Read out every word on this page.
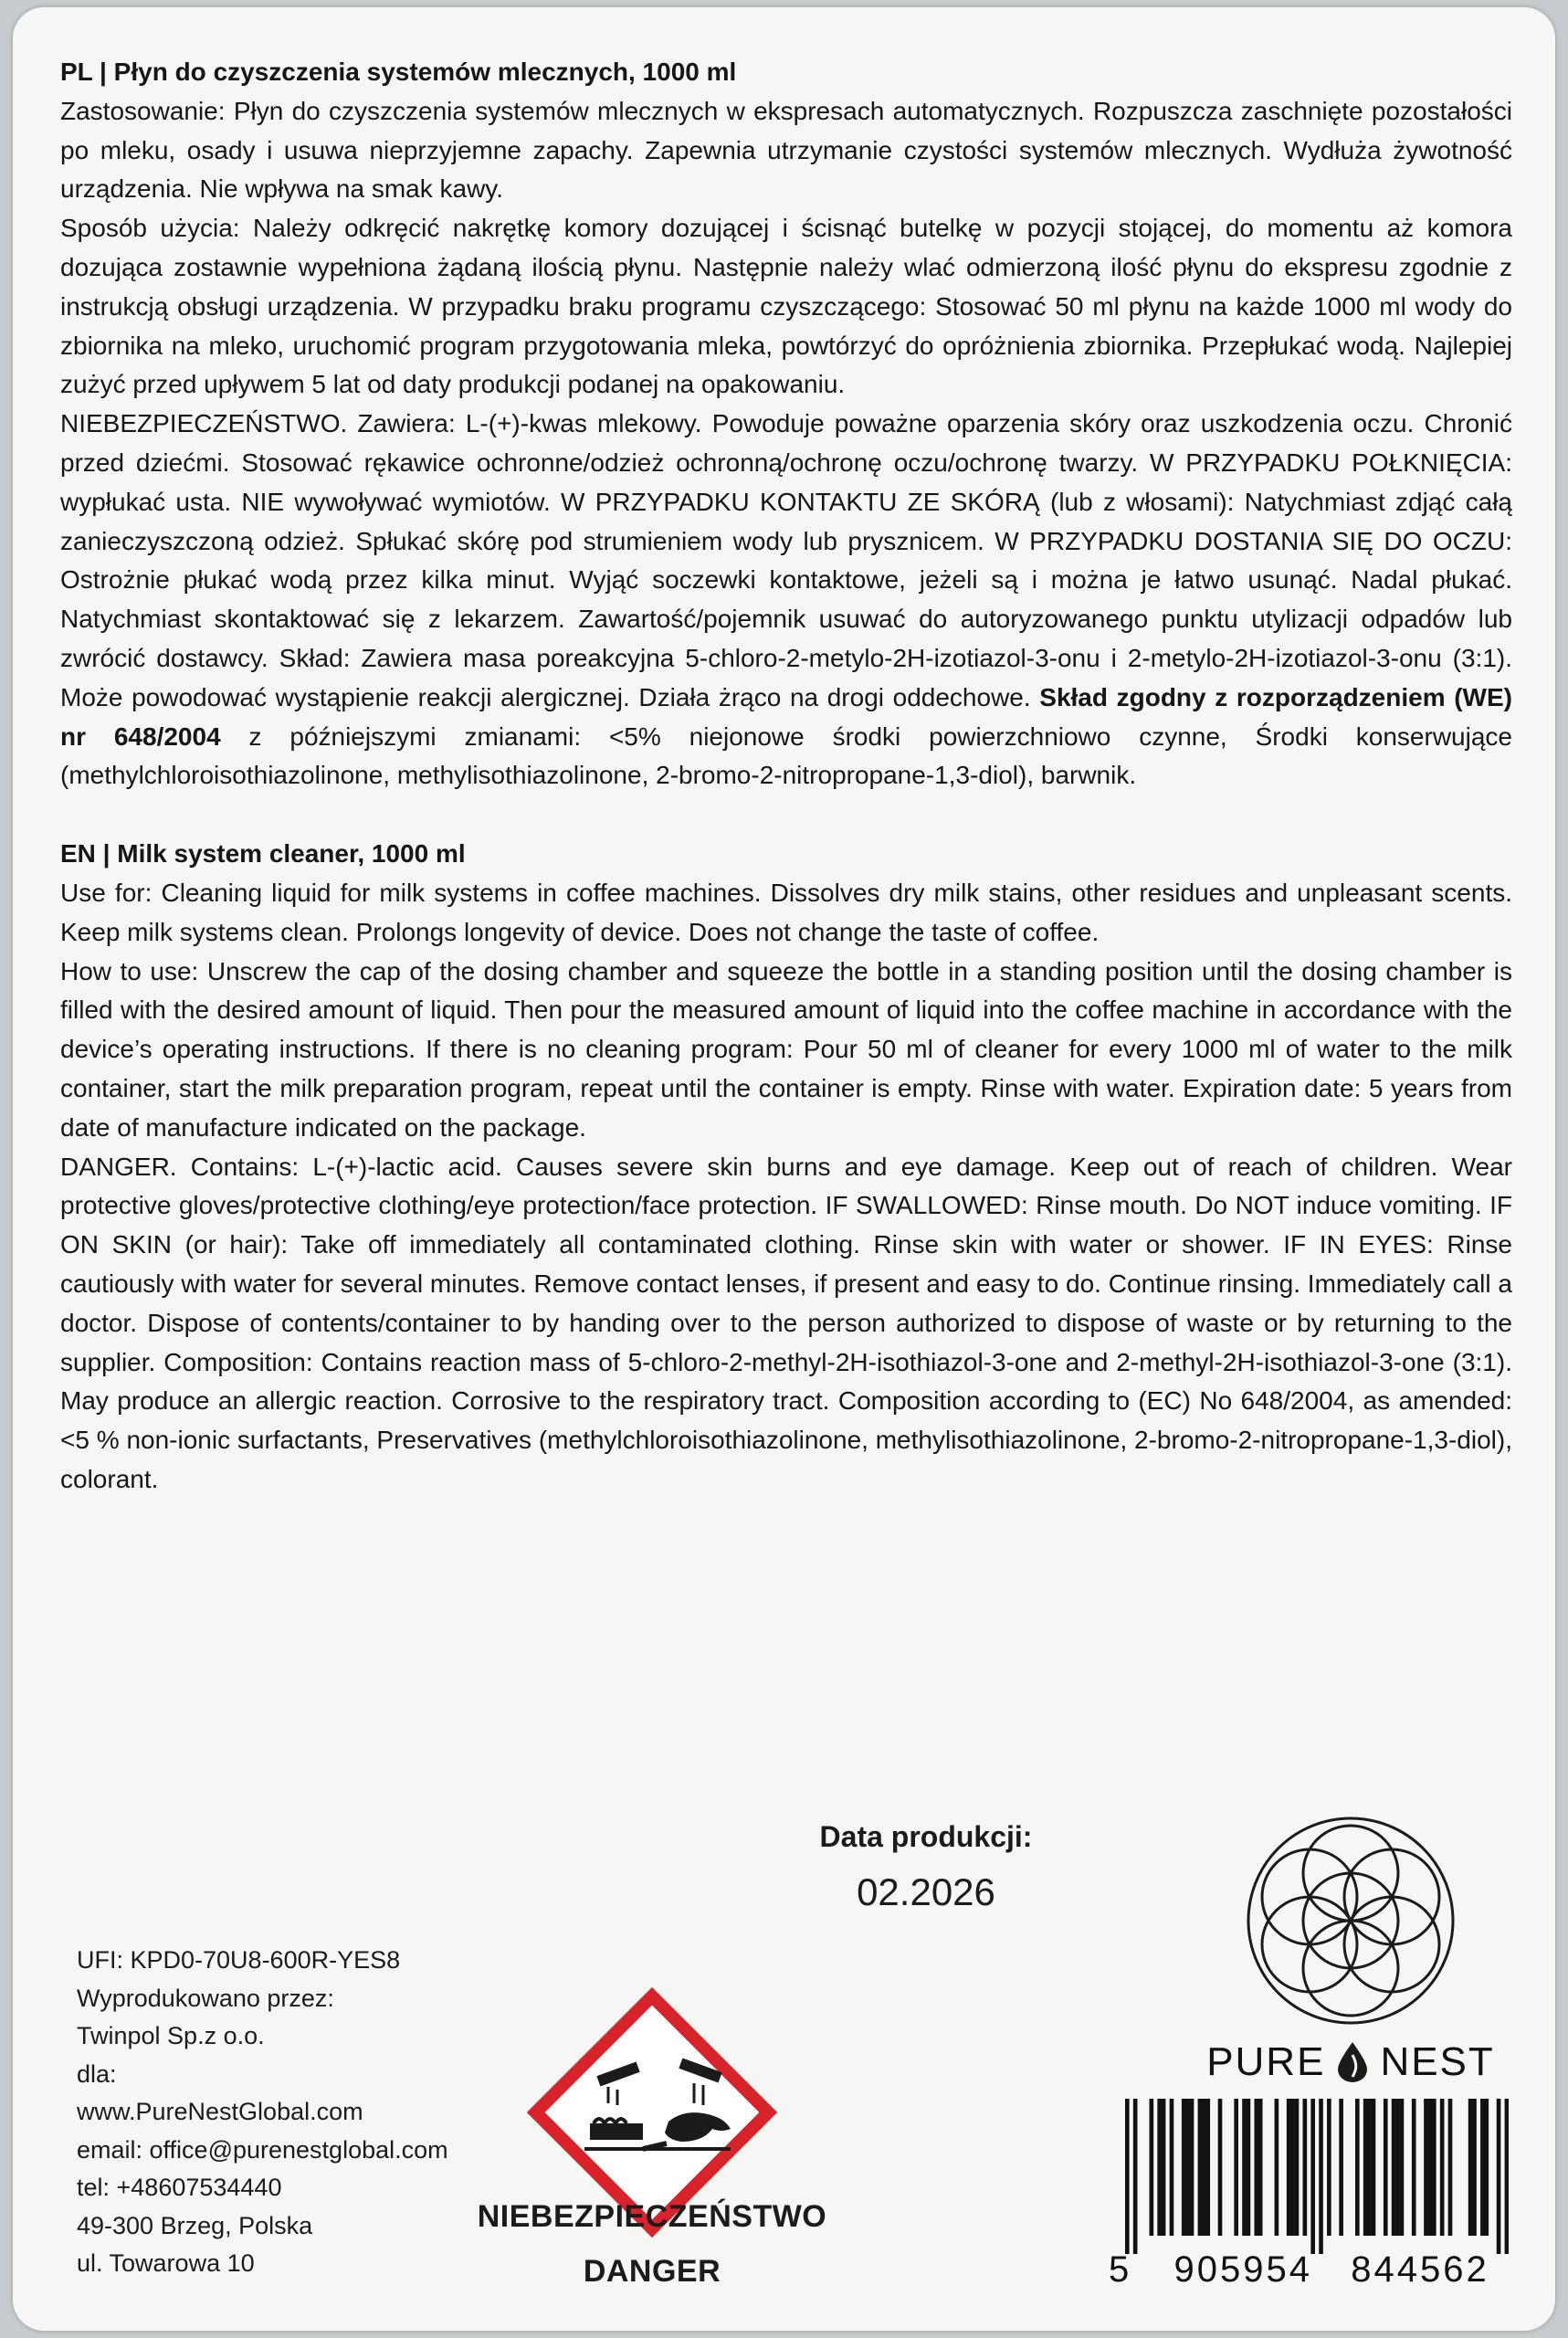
PL | Płyn do czyszczenia systemów mlecznych, 1000 ml

Zastosowanie: Płyn do czyszczenia systemów mlecznych w ekspresach automatycznych. Rozpuszcza zaschnięte pozostałości po mleku, osady i usuwa nieprzyjemne zapachy. Zapewnia utrzymanie czystości systemów mlecznych. Wydłuża żywotność urządzenia. Nie wpływa na smak kawy.

Sposób użycia: Należy odkręcić nakrętkę komory dozującej i ścisnąć butelkę w pozycji stojącej, do momentu aż komora dozująca zostawnie wypełniona żądaną ilością płynu. Następnie należy wlać odmierzoną ilość płynu do ekspresu zgodnie z instrukcją obsługi urządzenia. W przypadku braku programu czyszczącego: Stosować 50 ml płynu na każde 1000 ml wody do zbiornika na mleko, uruchomić program przygotowania mleka, powtórzyć do opróżnienia zbiornika. Przepłukać wodą. Najlepiej zużyć przed upływem 5 lat od daty produkcji podanej na opakowaniu.

NIEBEZPIECZEŃSTWO. Zawiera: L-(+)-kwas mlekowy. Powoduje poważne oparzenia skóry oraz uszkodzenia oczu. Chronić przed dziećmi. Stosować rękawice ochronne/odzież ochronną/ochronę oczu/ochronę twarzy. W PRZYPADKU POŁKNIĘCIA: wypłukać usta. NIE wywoływać wymiotów. W PRZYPADKU KONTAKTU ZE SKÓRĄ (lub z włosami): Natychmiast zdjąć całą zanieczyszczoną odzież. Spłukać skórę pod strumieniem wody lub prysznicem. W PRZYPADKU DOSTANIA SIĘ DO OCZU: Ostrożnie płukać wodą przez kilka minut. Wyjąć soczewki kontaktowe, jeżeli są i można je łatwo usunąć. Nadal płukać. Natychmiast skontaktować się z lekarzem. Zawartość/pojemnik usuwać do autoryzowanego punktu utylizacji odpadów lub zwrócić dostawcy. Skład: Zawiera masa poreakcyjna 5-chloro-2-metylo-2H-izotiazol-3-onu i 2-metylo-2H-izotiazol-3-onu (3:1). Może powodować wystąpienie reakcji alergicznej. Działa żrąco na drogi oddechowe. Skład zgodny z rozporządzeniem (WE) nr 648/2004 z późniejszymi zmianami: <5% niejonowe środki powierzchniowo czynne, Środki konserwujące (methylchloroisothiazolinone, methylisothiazolinone, 2-bromo-2-nitropropane-1,3-diol), barwnik.

EN | Milk system cleaner, 1000 ml

Use for: Cleaning liquid for milk systems in coffee machines. Dissolves dry milk stains, other residues and unpleasant scents. Keep milk systems clean. Prolongs longevity of device. Does not change the taste of coffee.

How to use: Unscrew the cap of the dosing chamber and squeeze the bottle in a standing position until the dosing chamber is filled with the desired amount of liquid. Then pour the measured amount of liquid into the coffee machine in accordance with the device’s operating instructions. If there is no cleaning program: Pour 50 ml of cleaner for every 1000 ml of water to the milk container, start the milk preparation program, repeat until the container is empty. Rinse with water. Expiration date: 5 years from date of manufacture indicated on the package.

DANGER. Contains: L-(+)-lactic acid. Causes severe skin burns and eye damage. Keep out of reach of children. Wear protective gloves/protective clothing/eye protection/face protection. IF SWALLOWED: Rinse mouth. Do NOT induce vomiting. IF ON SKIN (or hair): Take off immediately all contaminated clothing. Rinse skin with water or shower. IF IN EYES: Rinse cautiously with water for several minutes. Remove contact lenses, if present and easy to do. Continue rinsing. Immediately call a doctor. Dispose of contents/container to by handing over to the person authorized to dispose of waste or by returning to the supplier. Composition: Contains reaction mass of 5-chloro-2-methyl-2H-isothiazol-3-one and 2-methyl-2H-isothiazol-3-one (3:1). May produce an allergic reaction. Corrosive to the respiratory tract. Composition according to (EC) No 648/2004, as amended: <5 % non-ionic surfactants, Preservatives (methylchloroisothiazolinone, methylisothiazolinone, 2-bromo-2-nitropropane-1,3-diol), colorant.

Data produkcji:
02.2026
UFI: KPD0-70U8-600R-YES8
Wyprodukowano przez:
Twinpol Sp.z o.o.
dla:
www.PureNestGlobal.com
email: office@purenestglobal.com
tel: +48607534440
49-300 Brzeg, Polska
ul. Towarowa 10
NIEBEZPIECZEŃSTWO
DANGER
PURE NEST
5 905954 844562
